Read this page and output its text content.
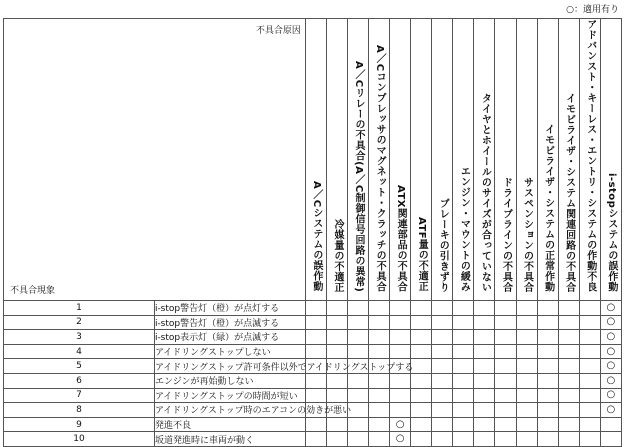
○：適用有り
不具合原因
不具合現象		A／Cシステムの誤作動	冷媒量の不適正	A／Cリレーの不具合(A／C制御信号回路の異常)	A／Cコンプレッサのマグネット・クラッチの不具合	ATX関連部品の不具合	ATF量の不適正	ブレーキの引きずり	エンジン・マウントの緩み	タイヤとホイールのサイズが合っていない	ドライブラインの不具合	サスペンションの不具合	イモビライザ・システムの正常作動	イモビライザ・システム関連回路の不具合	アドバンスト・キーレス・エントリ・システムの作動不良	i-stopシステムの誤作動

1	i-stop警告灯（橙）が点灯する															○
2	i-stop警告灯（橙）が点滅する															○
3	i-stop表示灯（緑）が点滅する															○
4	アイドリングストップしない															○
5	アイドリングストップ許可条件以外でアイドリングストップする															○
6	エンジンが再始動しない															○
7	アイドリングストップの時間が短い															○
8	アイドリングストップ時のエアコンの効きが悪い															○
9	発進不良					○										
10	坂道発進時に車両が動く					○										
